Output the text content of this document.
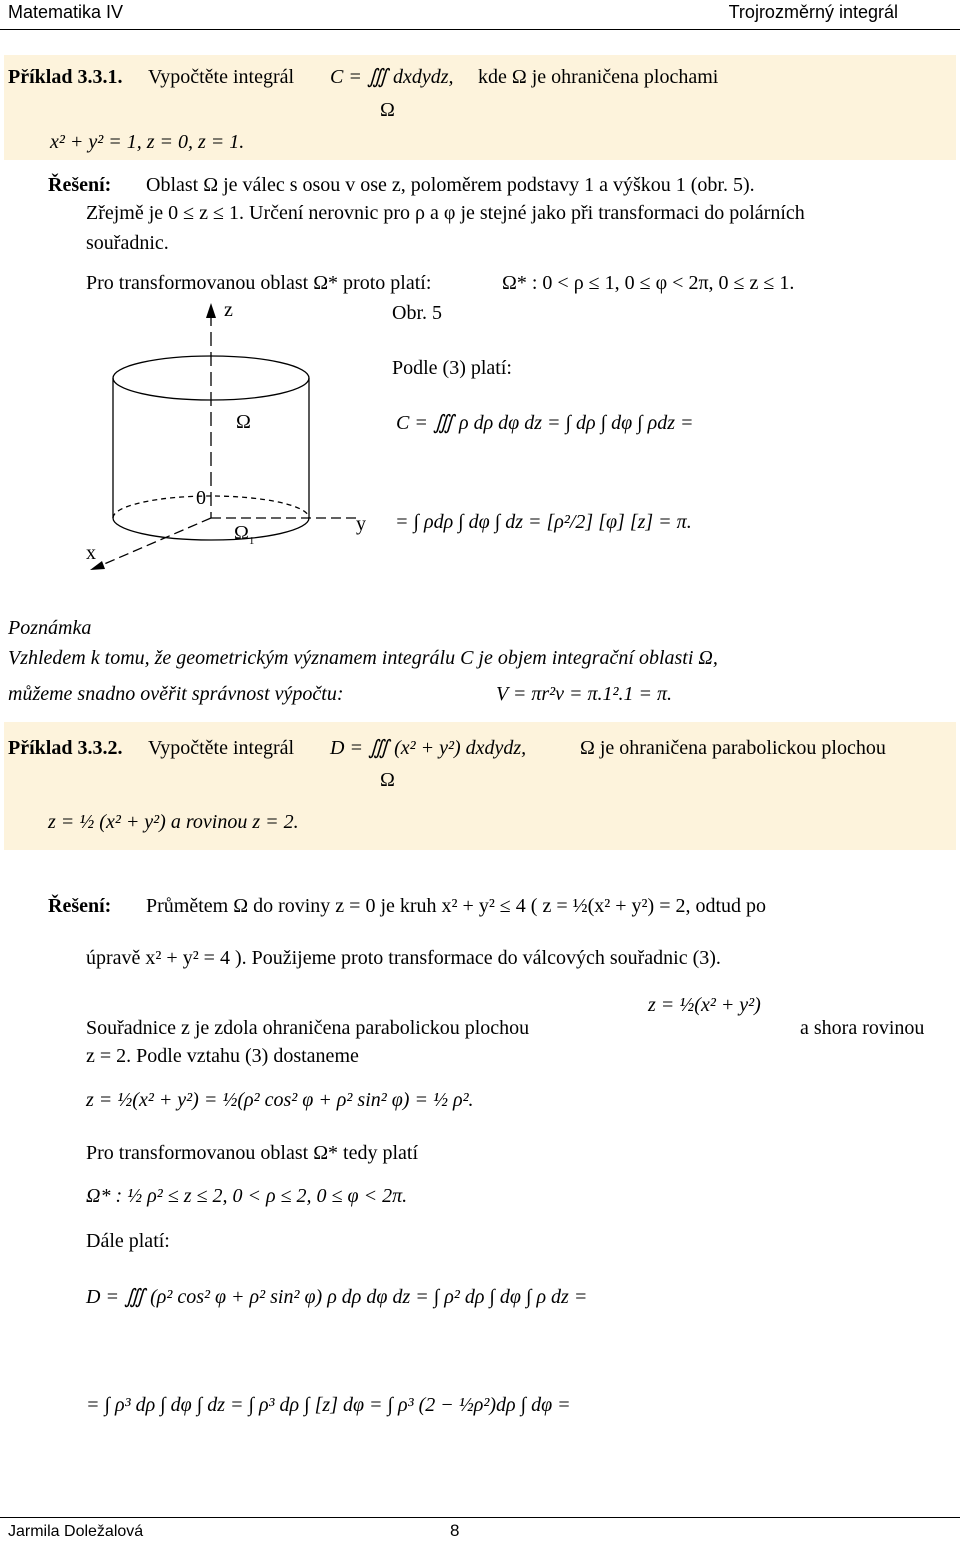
Matematika IV	Trojrozměrný integrál
Příklad 3.3.1. Vypočtěte integrál C = ∭ dxdydz, kde Ω je ohraničena plochami
Ω
x² + y² = 1, z = 0, z = 1.
Řešení: Oblast Ω je válec s osou v ose z, poloměrem podstavy 1 a výškou 1 (obr. 5).
Zřejmě je 0 ≤ z ≤ 1. Určení nerovnic pro ρ a φ je stejné jako při transformaci do polárních
souřadnic.
Pro transformovanou oblast Ω* proto platí:	Ω* : 0 < ρ ≤ 1, 0 ≤ φ < 2π, 0 ≤ z ≤ 1.
Obr. 5
z
x
y
Ω
0
$\Omega_1$
Podle (3) platí:
C = ∭ ρ dρ dφ dz = ∫ dρ ∫ dφ ∫ ρdz =
= ∫ ρdρ ∫ dφ ∫ dz = [ρ²/2] [φ] [z] = π.
Poznámka
Vzhledem k tomu, že geometrickým významem integrálu C je objem integrační oblasti Ω,
můžeme snadno ověřit správnost výpočtu:	V = πr²v = π.1².1 = π.
Příklad 3.3.2. Vypočtěte integrál D = ∭ (x² + y²) dxdydz,	Ω je ohraničena parabolickou plochou
Ω
z = ½ (x² + y²) a rovinou z = 2.
Řešení: Průmětem Ω do roviny z = 0 je kruh x² + y² ≤ 4 ( z = ½(x² + y²) = 2, odtud po
úpravě x² + y² = 4 ). Použijeme proto transformace do válcových souřadnic (3).
z = ½(x² + y²)
Souřadnice z je zdola ohraničena parabolickou plochou	a shora rovinou
z = 2. Podle vztahu (3) dostaneme
z = ½(x² + y²) = ½(ρ² cos² φ + ρ² sin² φ) = ½ ρ².
Pro transformovanou oblast Ω* tedy platí
Ω* : ½ ρ² ≤ z ≤ 2, 0 < ρ ≤ 2, 0 ≤ φ < 2π.
Dále platí:
D = ∭ (ρ² cos² φ + ρ² sin² φ) ρ dρ dφ dz = ∫ ρ² dρ ∫ dφ ∫ ρ dz =
= ∫ ρ³ dρ ∫ dφ ∫ dz = ∫ ρ³ dρ ∫ [z] dφ = ∫ ρ³ (2 − ½ρ²)dρ ∫ dφ =
Jarmila Doležalová	8
